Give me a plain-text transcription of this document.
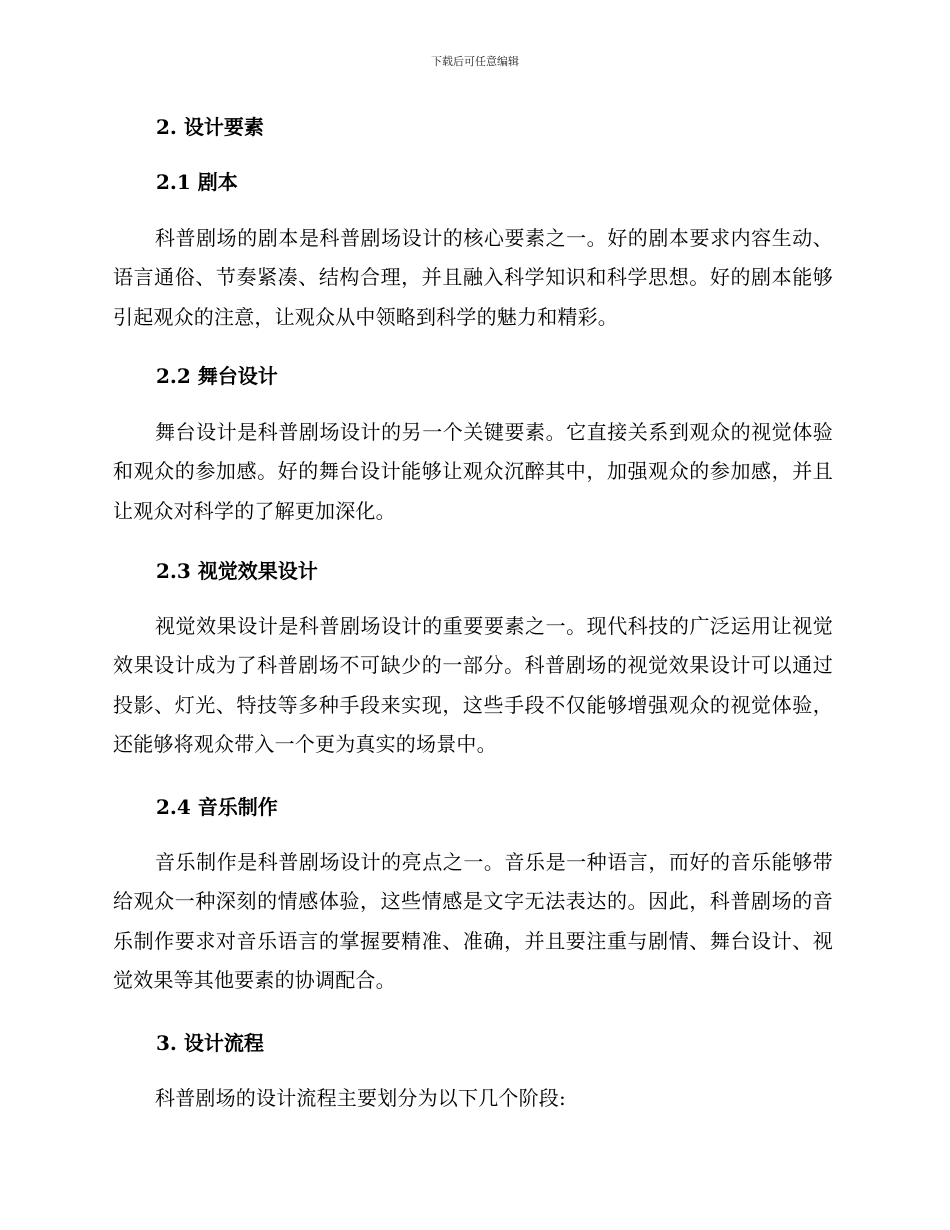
下载后可任意编辑
2. 设计要素
2.1 剧本
科普剧场的剧本是科普剧场设计的核心要素之一。好的剧本要求内容生动、语言通俗、节奏紧凑、结构合理，并且融入科学知识和科学思想。好的剧本能够引起观众的注意，让观众从中领略到科学的魅力和精彩。
2.2 舞台设计
舞台设计是科普剧场设计的另一个关键要素。它直接关系到观众的视觉体验和观众的参加感。好的舞台设计能够让观众沉醉其中，加强观众的参加感，并且让观众对科学的了解更加深化。
2.3 视觉效果设计
视觉效果设计是科普剧场设计的重要要素之一。现代科技的广泛运用让视觉效果设计成为了科普剧场不可缺少的一部分。科普剧场的视觉效果设计可以通过投影、灯光、特技等多种手段来实现，这些手段不仅能够增强观众的视觉体验，还能够将观众带入一个更为真实的场景中。
2.4 音乐制作
音乐制作是科普剧场设计的亮点之一。音乐是一种语言，而好的音乐能够带给观众一种深刻的情感体验，这些情感是文字无法表达的。因此，科普剧场的音乐制作要求对音乐语言的掌握要精准、准确，并且要注重与剧情、舞台设计、视觉效果等其他要素的协调配合。
3. 设计流程
科普剧场的设计流程主要划分为以下几个阶段:
